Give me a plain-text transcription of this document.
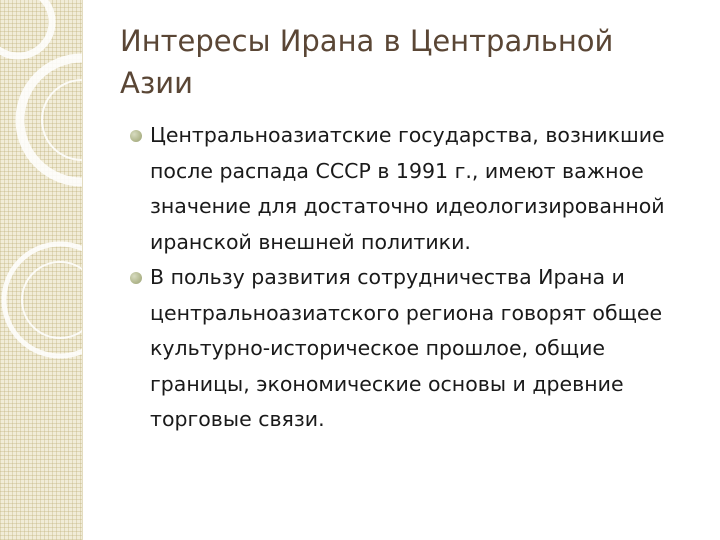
Интересы Ирана в Центральной Азии
Центральноазиатские государства, возникшие после распада СССР в 1991 г., имеют важное значение для достаточно идеологизированной иранской внешней политики.
В пользу развития сотрудничества Ирана и центральноазиатского региона говорят общее культурно-историческое прошлое, общие границы, экономические основы и древние торговые связи.
